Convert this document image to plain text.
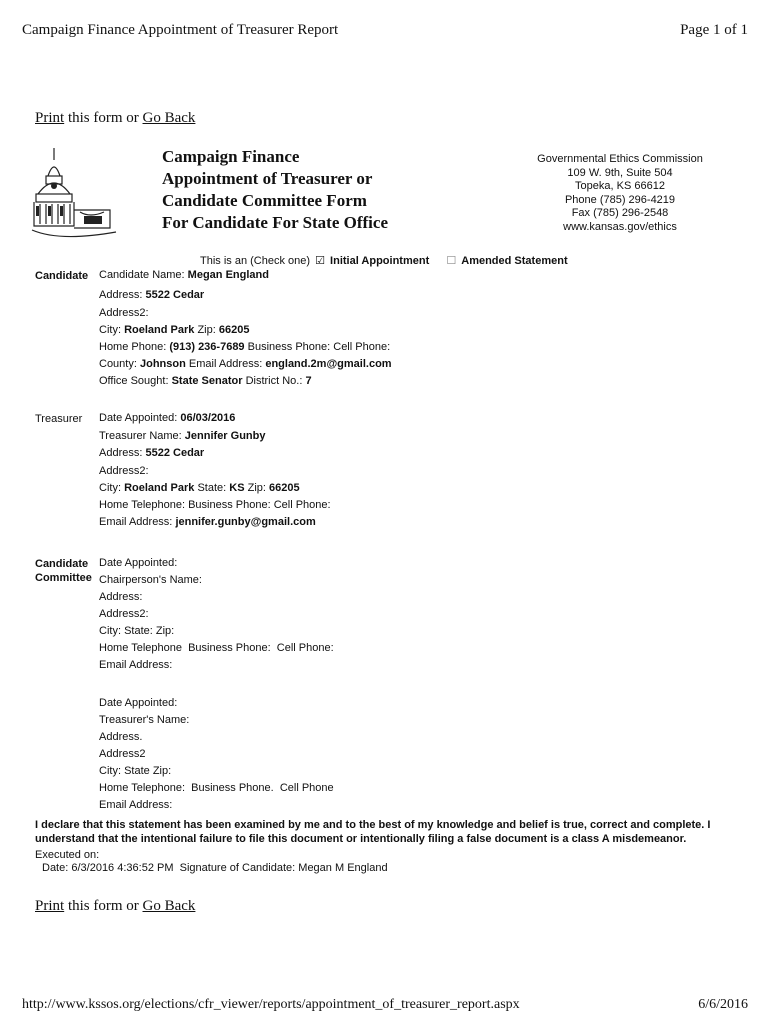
Campaign Finance Appointment of Treasurer Report	Page 1 of 1
Print this form or Go Back
Campaign Finance
Appointment of Treasurer or
Candidate Committee Form
For Candidate For State Office
Governmental Ethics Commission
109 W. 9th, Suite 504
Topeka, KS 66612
Phone (785) 296-4219
Fax (785) 296-2548
www.kansas.gov/ethics
This is an (Check one) ☑ Initial Appointment ☐ Amended Statement
Candidate Candidate Name: Megan England
Address: 5522 Cedar
Address2:
City: Roeland Park Zip: 66205
Home Phone: (913) 236-7689 Business Phone: Cell Phone:
County: Johnson Email Address: england.2m@gmail.com
Office Sought: State Senator District No.: 7
Treasurer Date Appointed: 06/03/2016
Treasurer Name: Jennifer Gunby
Address: 5522 Cedar
Address2:
City: Roeland Park State: KS Zip: 66205
Home Telephone: Business Phone: Cell Phone:
Email Address: jennifer.gunby@gmail.com
Candidate
Committee
Date Appointed:
Chairperson's Name:
Address:
Address2:
City: State: Zip:
Home Telephone Business Phone: Cell Phone:
Email Address:
Date Appointed:
Treasurer's Name:
Address.
Address2
City: State Zip:
Home Telephone: Business Phone. Cell Phone
Email Address:
I declare that this statement has been examined by me and to the best of my knowledge and belief is true, correct and complete. I understand that the intentional failure to file this document or intentionally filing a false document is a class A misdemeanor.
Executed on:
Date: 6/3/2016 4:36:52 PM Signature of Candidate: Megan M England
Print this form or Go Back
http://www.kssos.org/elections/cfr_viewer/reports/appointment_of_treasurer_report.aspx	6/6/2016
